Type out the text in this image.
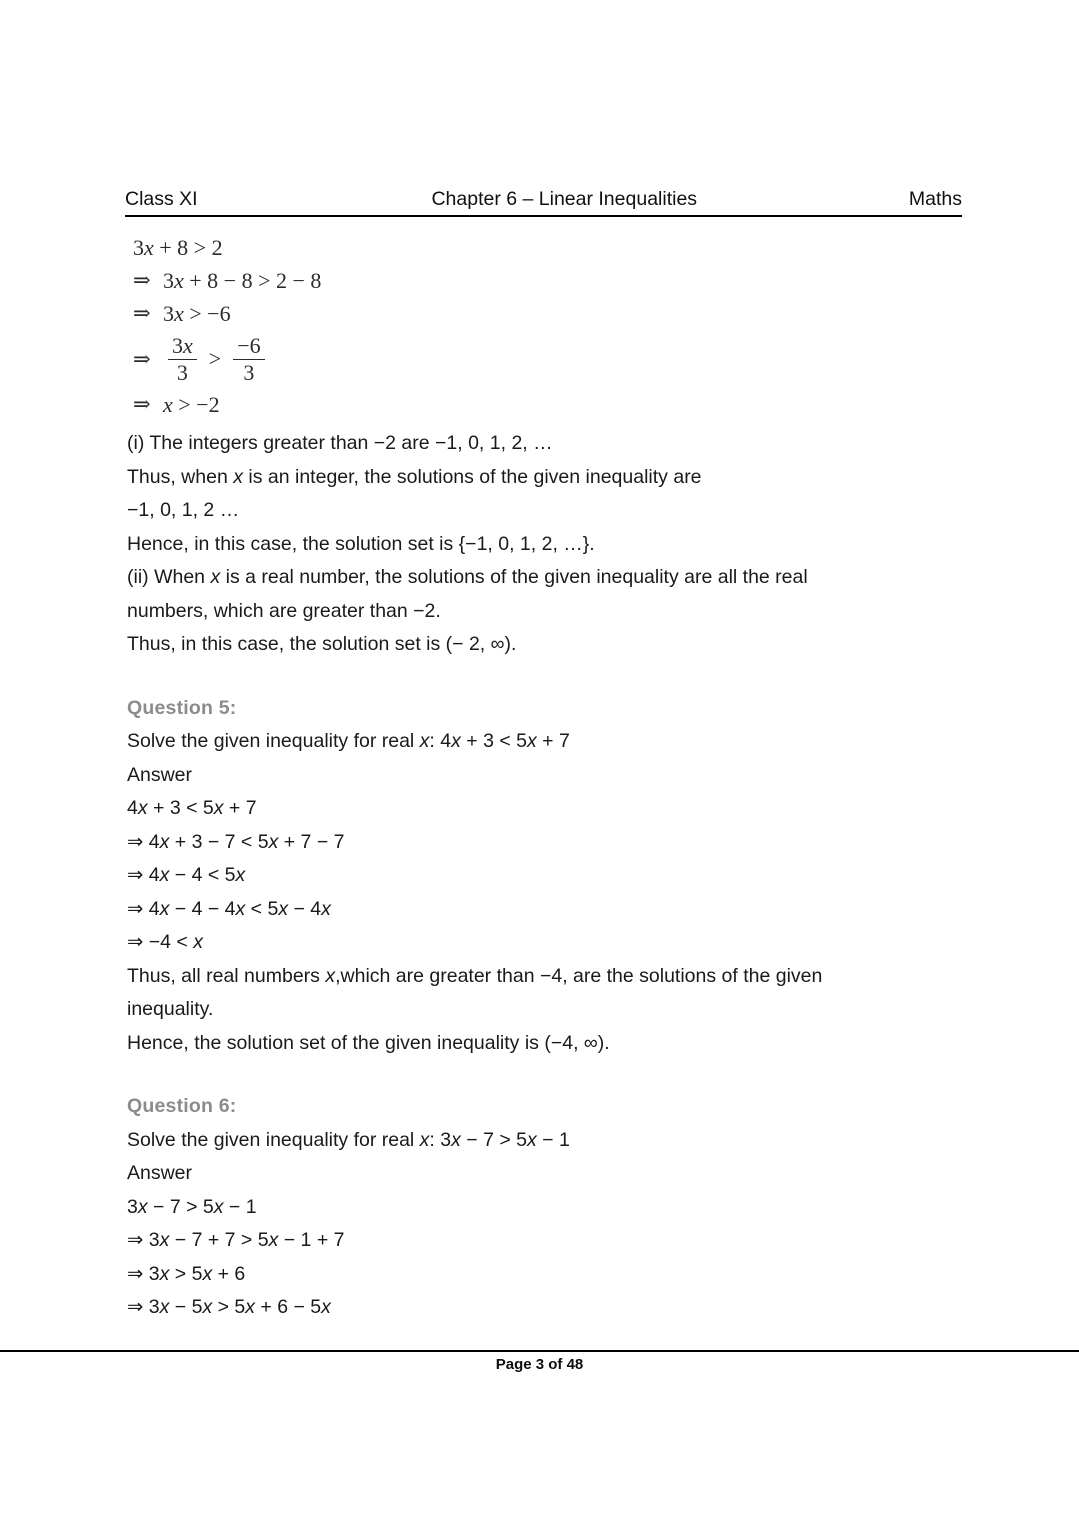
Class XI	Chapter 6 – Linear Inequalities	Maths
3x + 8 > 2
⇒ 3x + 8 − 8 > 2 − 8
⇒ 3x > −6
⇒ $\frac{3x}{3} > \frac{-6}{3}$
⇒ x > −2
(i) The integers greater than −2 are −1, 0, 1, 2, …
Thus, when x is an integer, the solutions of the given inequality are
−1, 0, 1, 2 …
Hence, in this case, the solution set is {−1, 0, 1, 2, …}.
(ii) When x is a real number, the solutions of the given inequality are all the real
numbers, which are greater than −2.
Thus, in this case, the solution set is (− 2, ∞).
Question 5:
Solve the given inequality for real x: 4x + 3 < 5x + 7
Answer
4x + 3 < 5x + 7
⇒ 4x + 3 − 7 < 5x + 7 − 7
⇒ 4x − 4 < 5x
⇒ 4x − 4 − 4x < 5x − 4x
⇒ −4 < x
Thus, all real numbers x,which are greater than −4, are the solutions of the given
inequality.
Hence, the solution set of the given inequality is (−4, ∞).
Question 6:
Solve the given inequality for real x: 3x − 7 > 5x − 1
Answer
3x − 7 > 5x − 1
⇒ 3x − 7 + 7 > 5x − 1 + 7
⇒ 3x > 5x + 6
⇒ 3x − 5x > 5x + 6 − 5x
Page 3 of 48
